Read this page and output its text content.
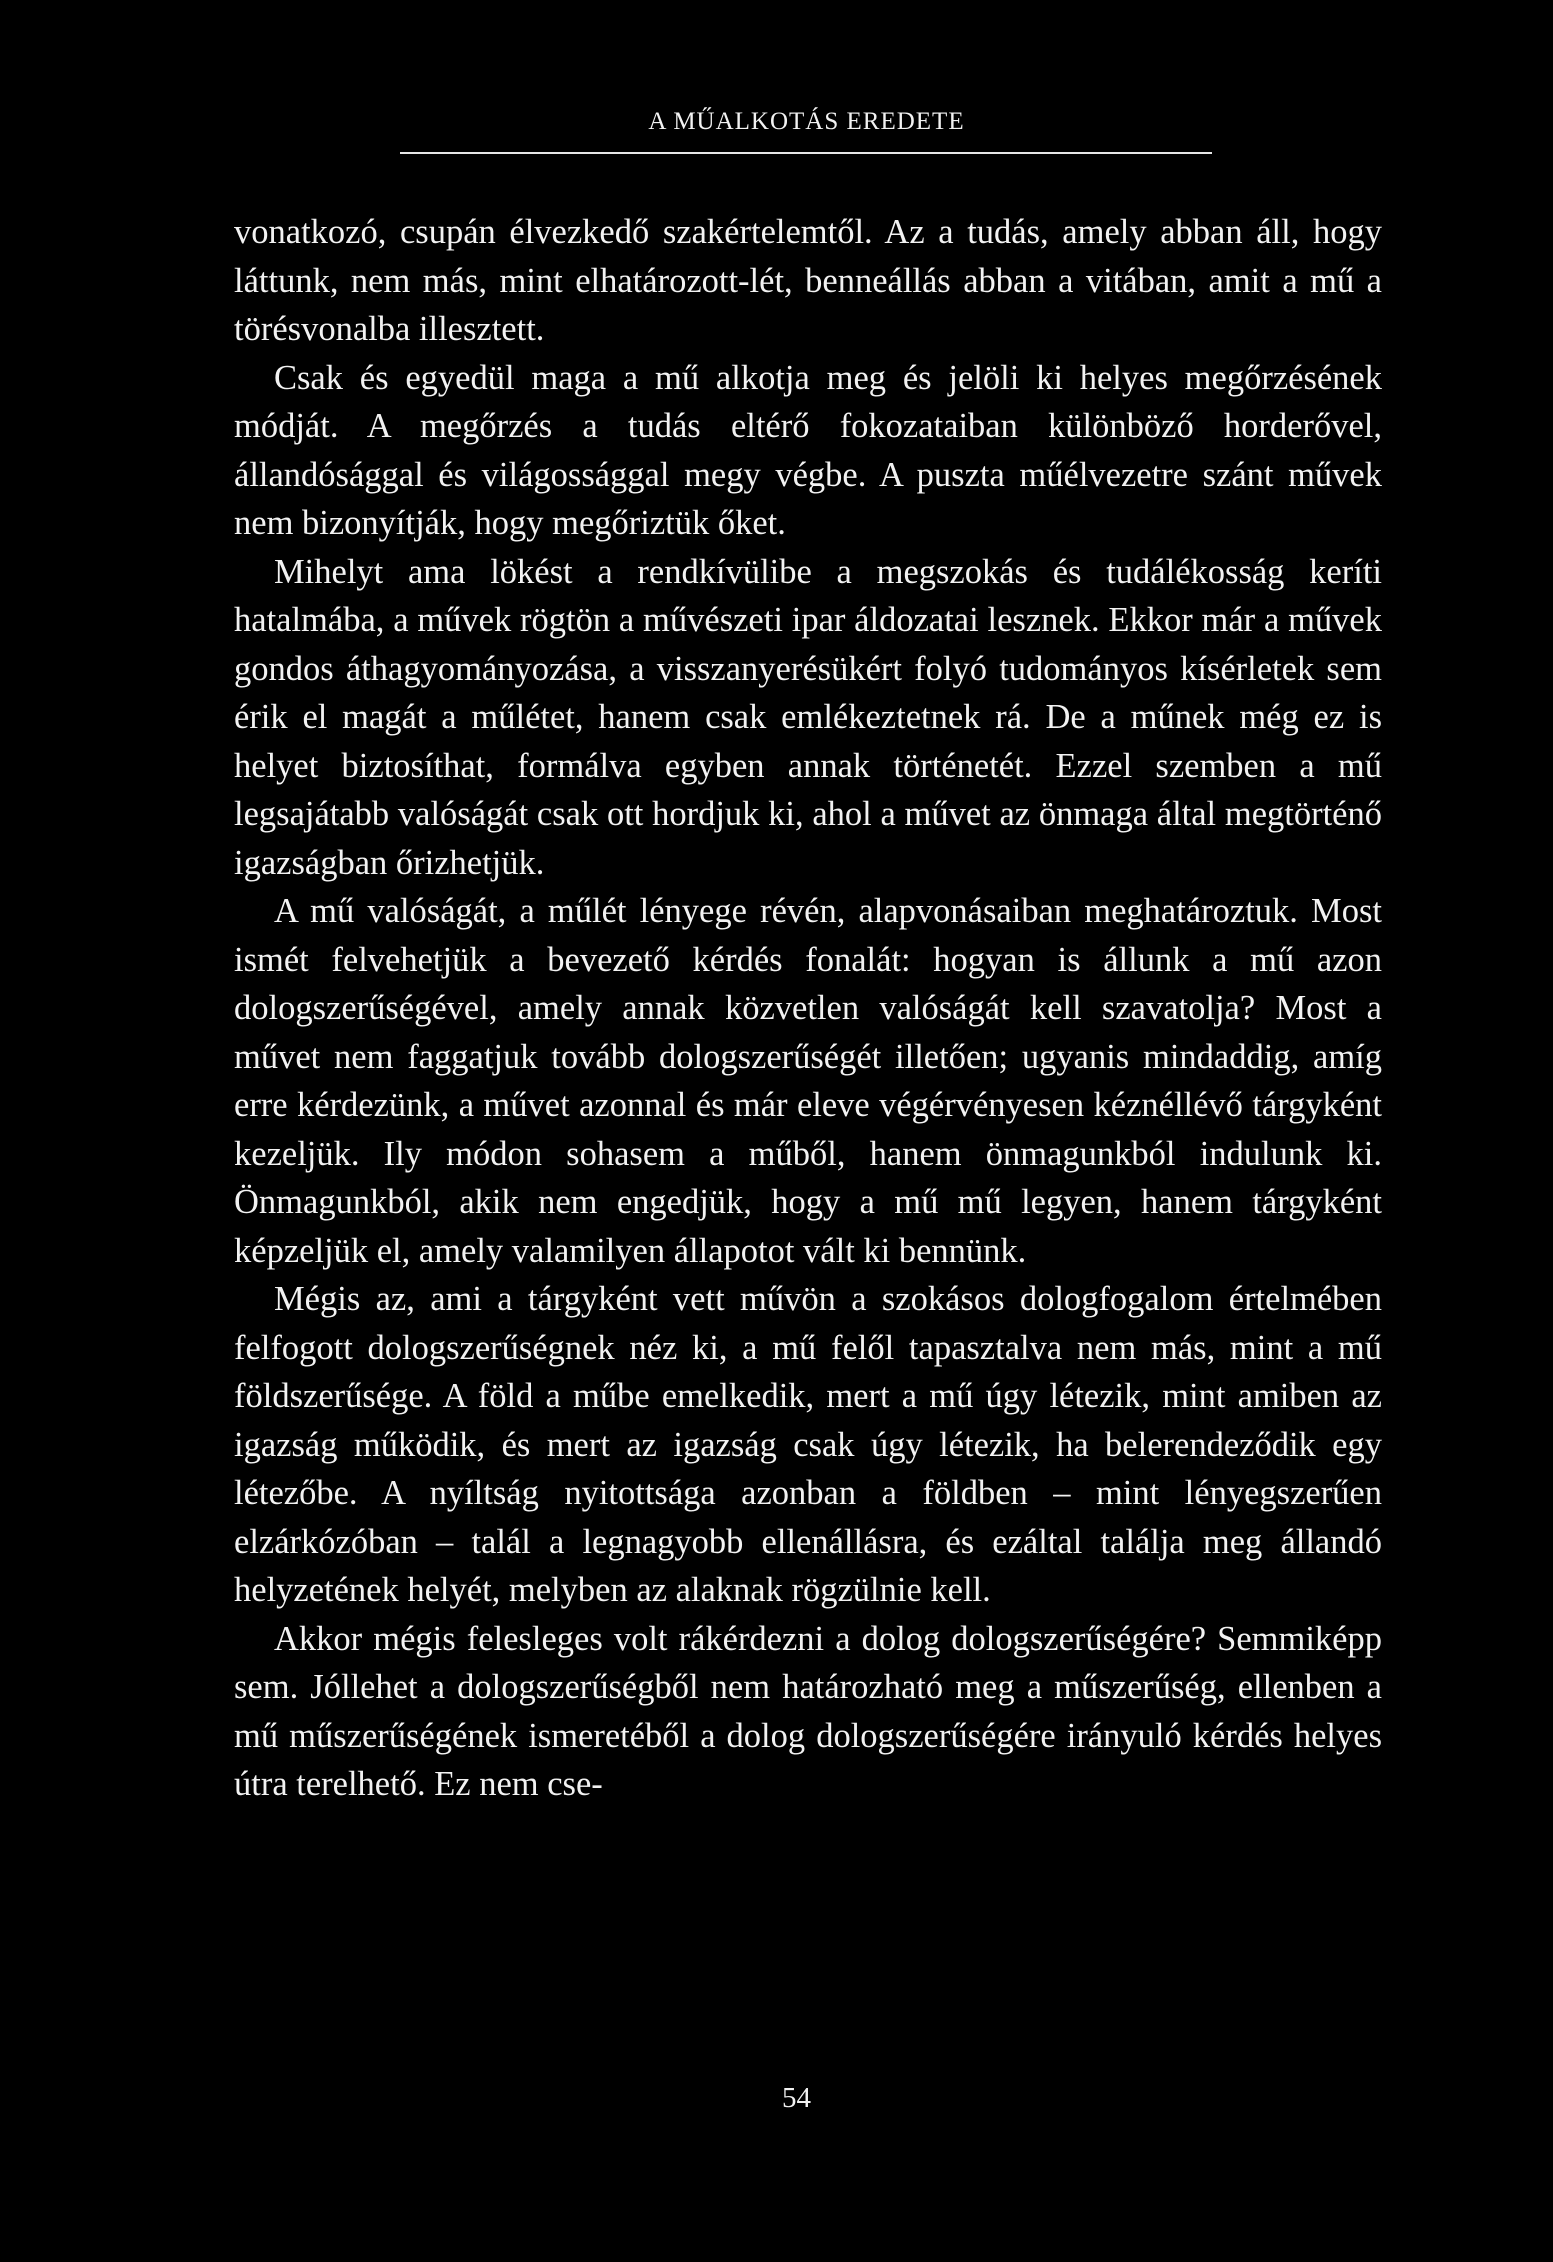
A MŰALKOTÁS EREDETE

vonatkozó, csupán élvezkedő szakértelemtől. Az a tudás, amely abban áll, hogy láttunk, nem más, mint elhatározott-lét, benneállás abban a vitában, amit a mű a törésvonalba illesztett.

Csak és egyedül maga a mű alkotja meg és jelöli ki helyes megőrzésének módját. A megőrzés a tudás eltérő fokozataiban különböző horderővel, állandósággal és világossággal megy végbe. A puszta műélvezetre szánt művek nem bizonyítják, hogy megőriztük őket.

Mihelyt ama lökést a rendkívülibe a megszokás és tudálékosság keríti hatalmába, a művek rögtön a művészeti ipar áldozatai lesznek. Ekkor már a művek gondos áthagyományozása, a visszanyerésükért folyó tudományos kísérletek sem érik el magát a műlétet, hanem csak emlékeztetnek rá. De a műnek még ez is helyet biztosíthat, formálva egyben annak történetét. Ezzel szemben a mű legsajátabb valóságát csak ott hordjuk ki, ahol a művet az önmaga által megtörténő igazságban őrizhetjük.

A mű valóságát, a műlét lényege révén, alapvonásaiban meghatároztuk. Most ismét felvehetjük a bevezető kérdés fonalát: hogyan is állunk a mű azon dologszerűségével, amely annak közvetlen valóságát kell szavatolja? Most a művet nem faggatjuk tovább dologszerűségét illetően; ugyanis mindaddig, amíg erre kérdezünk, a művet azonnal és már eleve végérvényesen kéznéllévő tárgyként kezeljük. Ily módon sohasem a műből, hanem önmagunkból indulunk ki. Önmagunkból, akik nem engedjük, hogy a mű mű legyen, hanem tárgyként képzeljük el, amely valamilyen állapotot vált ki bennünk.

Mégis az, ami a tárgyként vett művön a szokásos dologfogalom értelmében felfogott dologszerűségnek néz ki, a mű felől tapasztalva nem más, mint a mű földszerűsége. A föld a műbe emelkedik, mert a mű úgy létezik, mint amiben az igazság működik, és mert az igazság csak úgy létezik, ha belerendeződik egy létezőbe. A nyíltság nyitottsága azonban a földben – mint lényegszerűen elzárkózóban – talál a legnagyobb ellenállásra, és ezáltal találja meg állandó helyzetének helyét, melyben az alaknak rögzülnie kell.

Akkor mégis felesleges volt rákérdezni a dolog dologszerűségére? Semmiképp sem. Jóllehet a dologszerűségből nem határozható meg a műszerűség, ellenben a mű műszerűségének ismeretéből a dolog dologszerűségére irányuló kérdés helyes útra terelhető. Ez nem cse-

54
